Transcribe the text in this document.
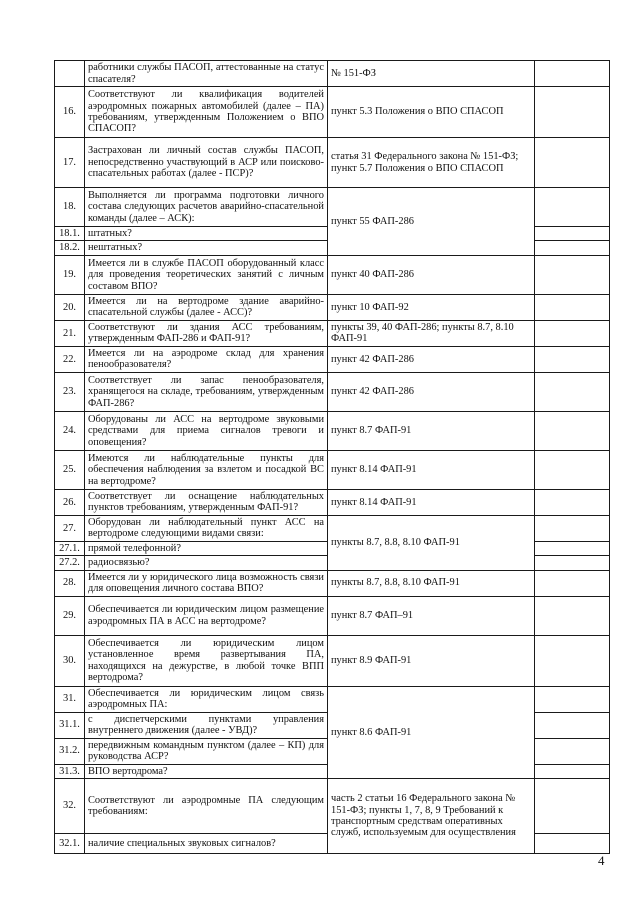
	работники службы ПАСОП, аттестованные на статус спасателя?	№ 151-ФЗ	
16.	Соответствуют ли квалификация водителей аэродромных пожарных автомобилей (далее – ПА) требованиям, утвержденным Положением о ВПО СПАСОП?	пункт 5.3 Положения о ВПО СПАСОП	
17.	Застрахован ли личный состав службы ПАСОП, непосредственно участвующий в АСР или поисково-спасательных работах (далее - ПСР)?	статья 31 Федерального закона № 151-ФЗ; пункт 5.7 Положения о ВПО СПАСОП	
18.	Выполняется ли программа подготовки личного состава следующих расчетов аварийно-спасательной команды (далее – АСК):	пункт 55 ФАП-286	
18.1.	штатных?		
18.2.	нештатных?		
19.	Имеется ли в службе ПАСОП оборудованный класс для проведения теоретических занятий с личным составом ВПО?	пункт 40 ФАП-286	
20.	Имеется ли на вертодроме здание аварийно-спасательной службы (далее - АСС)?	пункт 10 ФАП-92	
21.	Соответствуют ли здания АСС требованиям, утвержденным ФАП-286 и ФАП-91?	пункты 39, 40 ФАП-286; пункты 8.7, 8.10 ФАП-91	
22.	Имеется ли на аэродроме склад для хранения пенообразователя?	пункт 42 ФАП-286	
23.	Соответствует ли запас пенообразователя, хранящегося на складе, требованиям, утвержденным ФАП-286?	пункт 42 ФАП-286	
24.	Оборудованы ли АСС на вертодроме звуковыми средствами для приема сигналов тревоги и оповещения?	пункт 8.7 ФАП-91	
25.	Имеются ли наблюдательные пункты для обеспечения наблюдения за взлетом и посадкой ВС на вертодроме?	пункт 8.14 ФАП-91	
26.	Соответствует ли оснащение наблюдательных пунктов требованиям, утвержденным ФАП-91?	пункт 8.14 ФАП-91	
27.	Оборудован ли наблюдательный пункт АСС на вертодроме следующими видами связи:	пункты 8.7, 8.8, 8.10 ФАП-91	
27.1.	прямой телефонной?		
27.2.	радиосвязью?		
28.	Имеется ли у юридического лица возможность связи для оповещения личного состава ВПО?	пункты 8.7, 8.8, 8.10 ФАП-91	
29.	Обеспечивается ли юридическим лицом размещение аэродромных ПА в АСС на вертодроме?	пункт 8.7 ФАП–91	
30.	Обеспечивается ли юридическим лицом установленное время развертывания ПА, находящихся на дежурстве, в любой точке ВПП вертодрома?	пункт 8.9 ФАП-91	
31.	Обеспечивается ли юридическим лицом связь аэродромных ПА:	пункт 8.6 ФАП-91	
31.1.	с диспетчерскими пунктами управления внутреннего движения (далее - УВД)?		
31.2.	передвижным командным пунктом (далее – КП) для руководства АСР?		
31.3.	ВПО вертодрома?		
32.	Соответствуют ли аэродромные ПА следующим требованиям:	часть 2 статьи 16 Федерального закона № 151-ФЗ; пункты 1, 7, 8, 9 Требований к транспортным средствам оперативных служб, используемым для осуществления	
32.1.	наличие специальных звуковых сигналов?		
4
